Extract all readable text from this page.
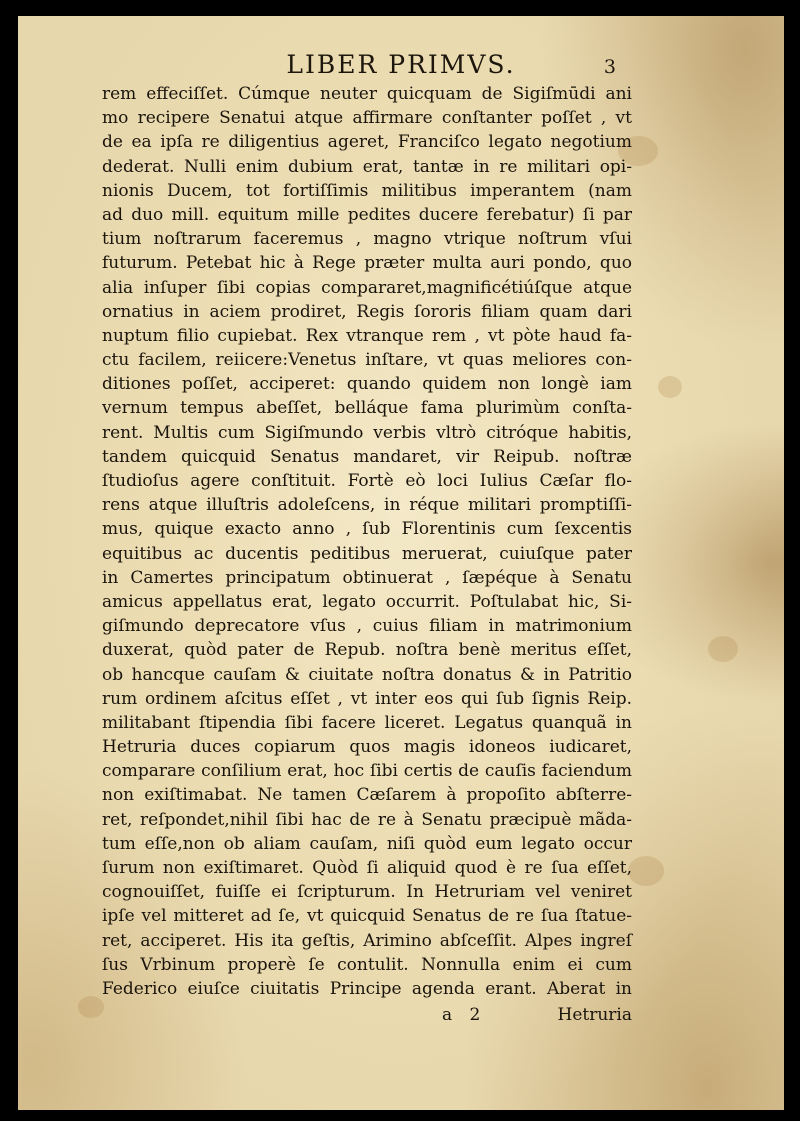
LIBER PRIMVS.	3
rem effeciſſet. Cúmque neuter quicquam de Sigiſmūdi ani
mo recipere Senatui atque affirmare conſtanter poſſet , vt
de ea ipſa re diligentius ageret, Franciſco legato negotium
dederat. Nulli enim dubium erat, tantæ in re militari opi-
nionis Ducem, tot fortiſſimis militibus imperantem (nam
ad duo mill. equitum mille pedites ducere ferebatur) ſi par
tium noſtrarum faceremus , magno vtrique noſtrum vſui
futurum. Petebat hic à Rege præter multa auri pondo, quo
alia inſuper ſibi copias compararet,magnificétiúſque atque
ornatius in aciem prodiret, Regis ſororis filiam quam dari
nuptum filio cupiebat. Rex vtranque rem , vt pòte haud fa-
ctu facilem, reiicere:Venetus inſtare, vt quas meliores con-
ditiones poſſet, acciperet: quando quidem non longè iam
vernum tempus abeſſet, belláque fama plurimùm conſta-
rent. Multis cum Sigiſmundo verbis vltrò citróque habitis,
tandem quicquid Senatus mandaret, vir Reipub. noſtræ
ſtudioſus agere conſtituit. Fortè eò loci Iulius Cæſar flo-
rens atque illuſtris adoleſcens, in réque militari promptiſſi-
mus, quique exacto anno , ſub Florentinis cum ſexcentis
equitibus ac ducentis peditibus meruerat, cuiuſque pater
in Camertes principatum obtinuerat , ſæpéque à Senatu
amicus appellatus erat, legato occurrit. Poſtulabat hic, Si-
giſmundo deprecatore vſus , cuius filiam in matrimonium
duxerat, quòd pater de Repub. noſtra benè meritus eſſet,
ob hancque cauſam & ciuitate noſtra donatus & in Patritio
rum ordinem aſcitus eſſet , vt inter eos qui ſub ſignis Reip.
militabant ſtipendia ſibi facere liceret. Legatus quanquã in
Hetruria duces copiarum quos magis idoneos iudicaret,
comparare conſilium erat, hoc ſibi certis de cauſis faciendum
non exiſtimabat. Ne tamen Cæſarem à propoſito abſterre-
ret, reſpondet,nihil ſibi hac de re à Senatu præcipuè mãda-
tum eſſe,non ob aliam cauſam, niſi quòd eum legato occur
ſurum non exiſtimaret. Quòd ſi aliquid quod è re ſua eſſet,
cognouiſſet, fuiſſe ei ſcripturum. In Hetruriam vel veniret
ipſe vel mitteret ad ſe, vt quicquid Senatus de re ſua ſtatue-
ret, acciperet. His ita geſtis, Arimino abſceſſit. Alpes ingreſ
ſus Vrbinum properè ſe contulit. Nonnulla enim ei cum
Federico eiuſce ciuitatis Principe agenda erant. Aberat in
a 2	Hetruria
